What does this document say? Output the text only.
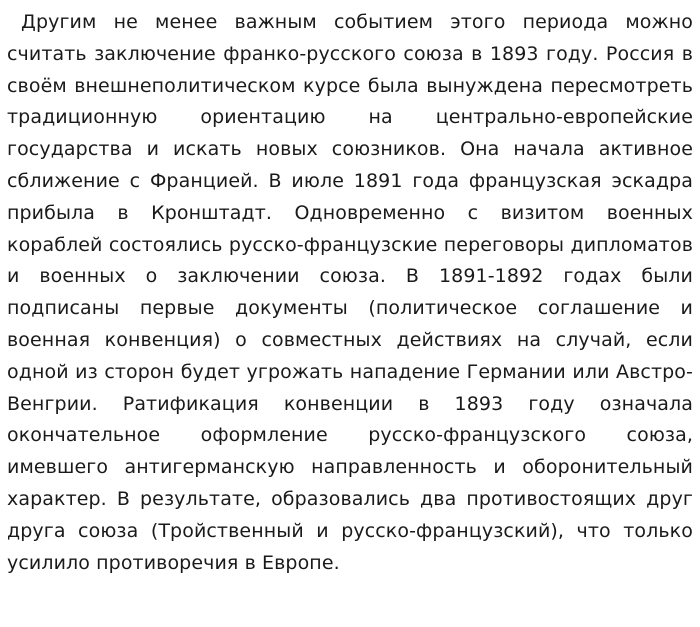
Другим не менее важным событием этого периода можно считать заключение франко-русского союза в 1893 году. Россия в своём внешнеполитическом курсе была вынуждена пересмотреть традиционную ориентацию на центрально-европейские государства и искать новых союзников. Она начала активное сближение с Францией. В июле 1891 года французская эскадра прибыла в Кронштадт. Одновременно с визитом военных кораблей состоялись русско-французские переговоры дипломатов и военных о заключении союза. В 1891-1892 годах были подписаны первые документы (политическое соглашение и военная конвенция) о совместных действиях на случай, если одной из сторон будет угрожать нападение Германии или Австро-Венгрии. Ратификация конвенции в 1893 году означала окончательное оформление русско-французского союза, имевшего антигерманскую направленность и оборонительный характер. В результате, образовались два противостоящих друг друга союза (Тройственный и русско-французский), что только усилило противоречия в Европе.
